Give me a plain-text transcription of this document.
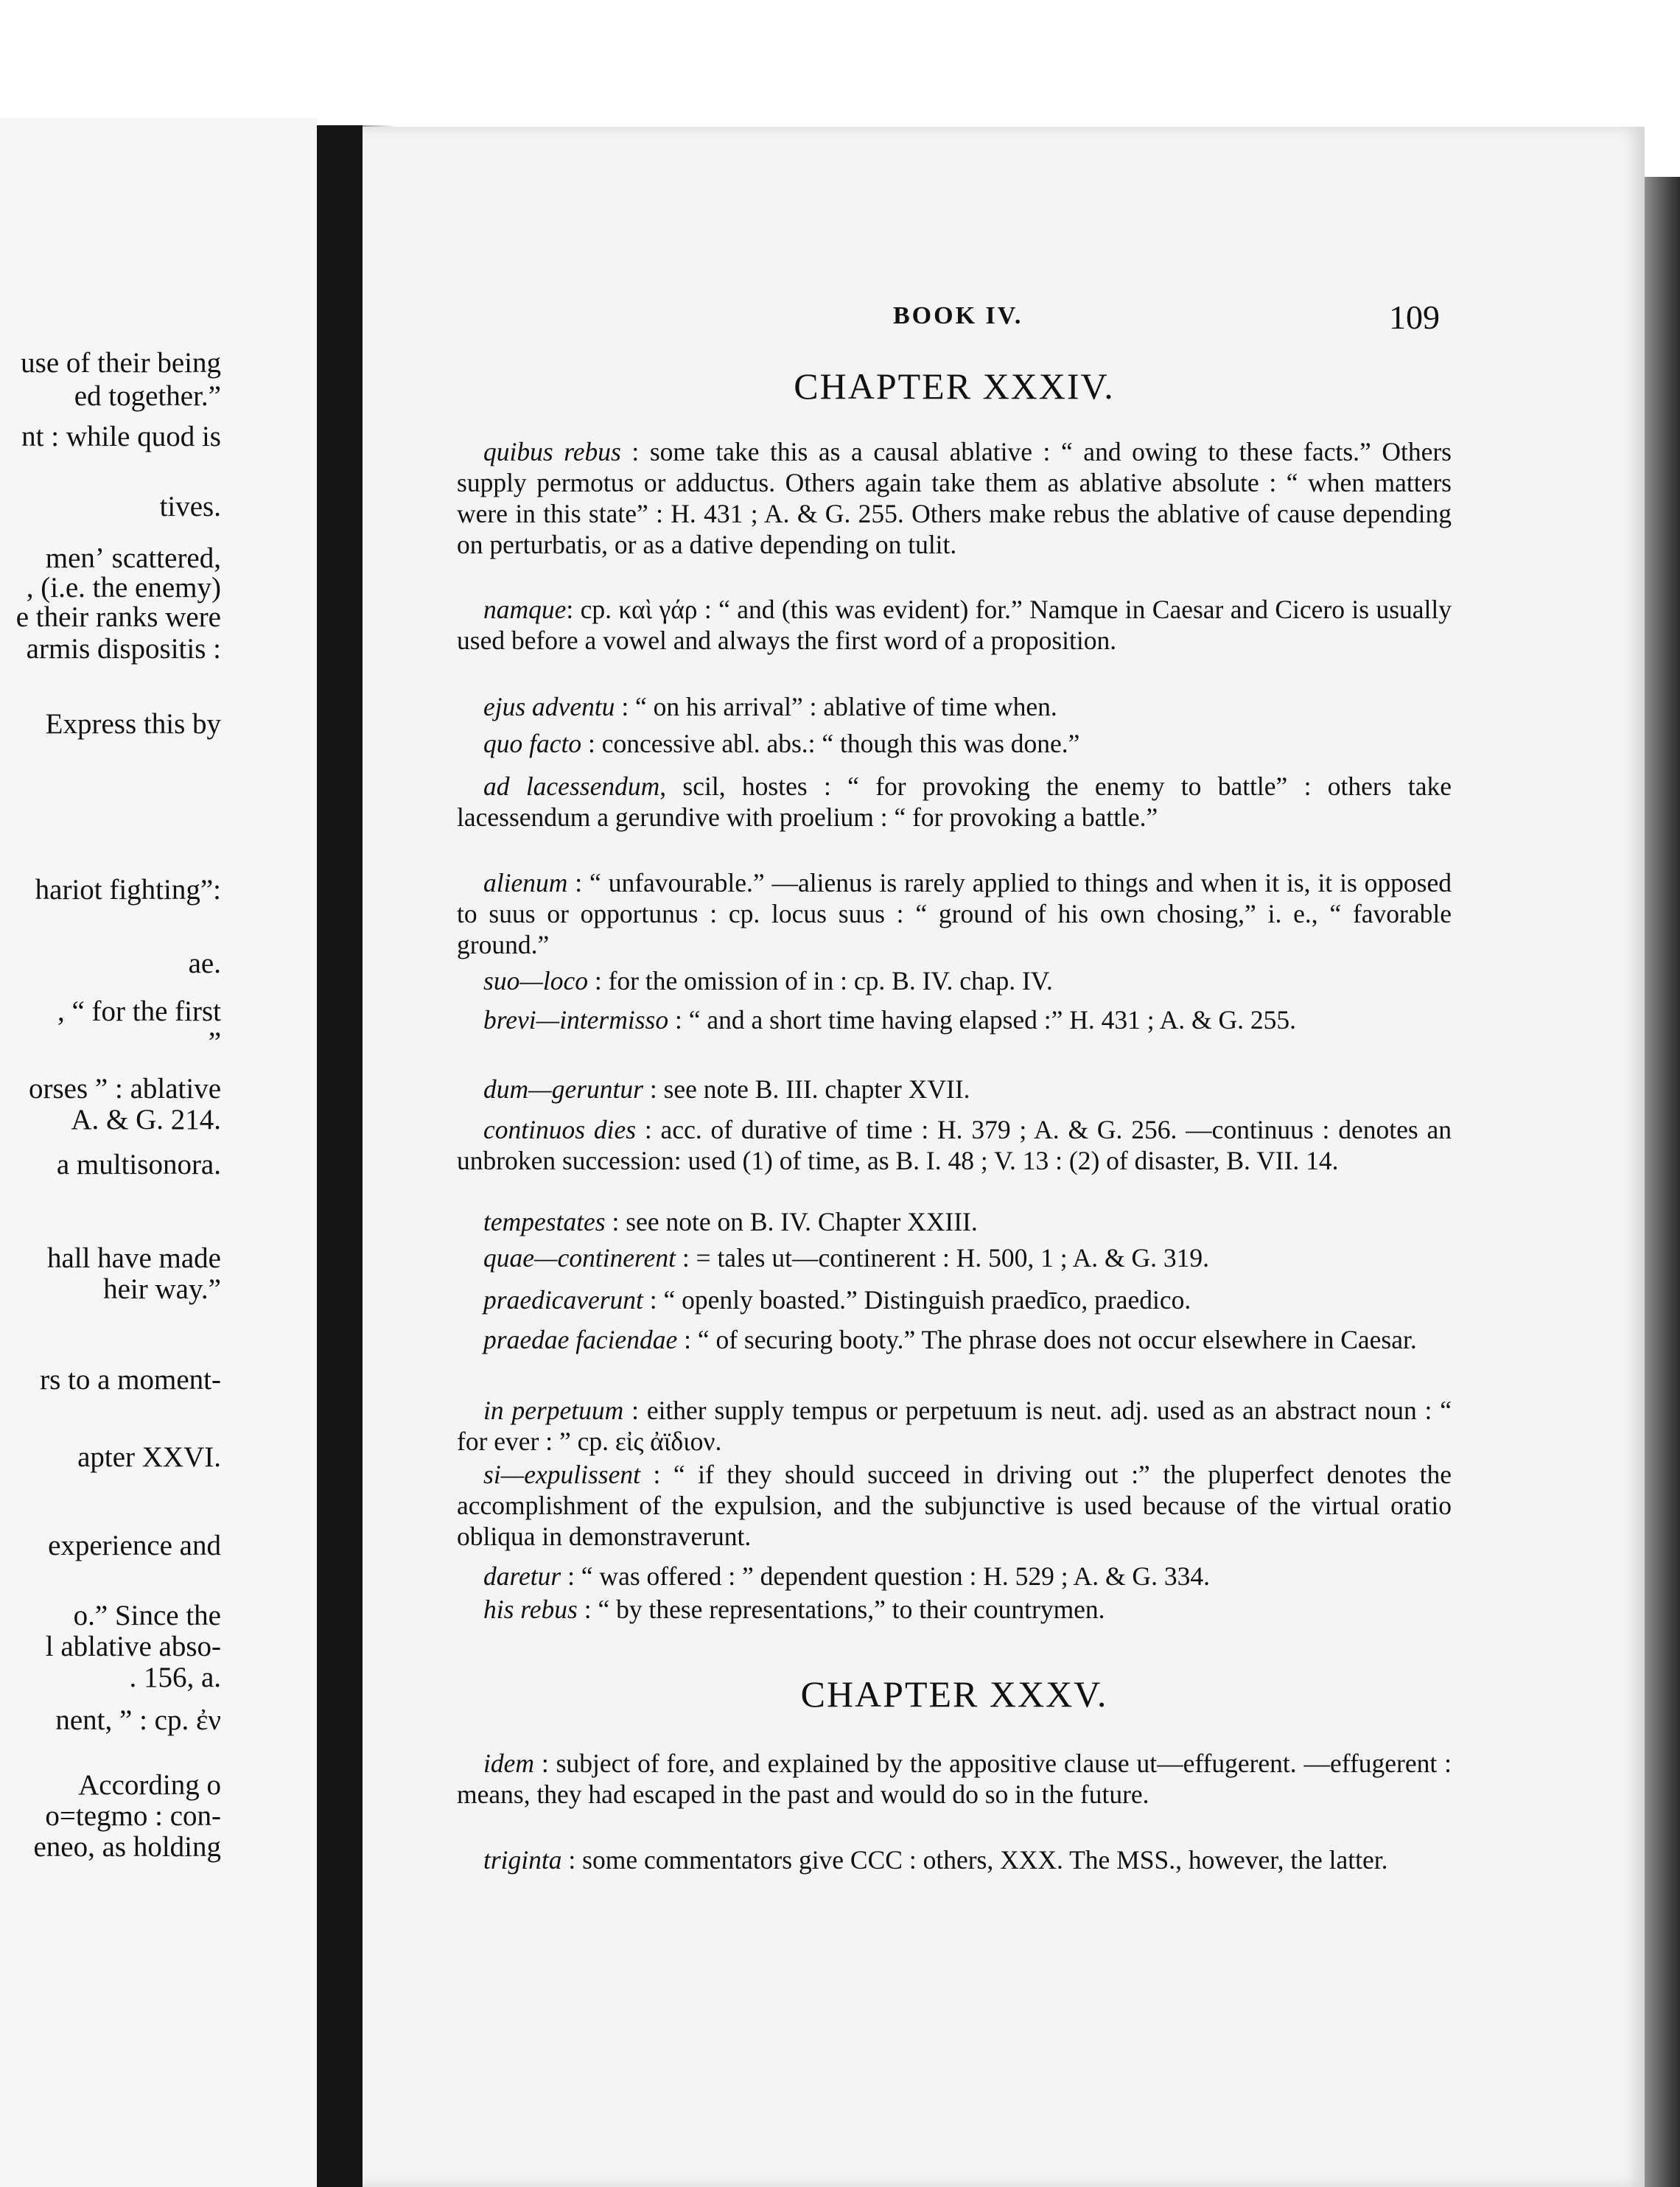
use of their being
ed together.”
nt : while quod is
tives.
menʼ scattered,
, (i.e. the enemy)
e their ranks were
armis dispositis :
Express this by
hariot fighting”:
ae.
, “ for the first
”
orses ” : ablative
A. & G. 214.
a multisonora.
hall have made
heir way.”
rs to a moment-
apter XXVI.
experience and
o.” Since the
l ablative abso-
. 156, a.
nent, ” : cp. ἐν
According o
o=tegmo : con-
eneo, as holding
BOOK IV.	109
CHAPTER XXXIV.

quibus rebus : some take this as a causal ablative : “ and owing to these facts.” Others supply permotus or adductus. Others again take them as ablative absolute : “ when matters were in this state” : H. 431 ; A. & G. 255. Others make rebus the ablative of cause depending on perturbatis, or as a dative depending on tulit.

namque: cp. καὶ γάρ : “ and (this was evident) for.” Namque in Caesar and Cicero is usually used before a vowel and always the first word of a proposition.

ejus adventu : “ on his arrival” : ablative of time when.

quo facto : concessive abl. abs.: “ though this was done.”

ad lacessendum, scil, hostes : “ for provoking the enemy to battle” : others take lacessendum a gerundive with proelium : “ for provoking a battle.”

alienum : “ unfavourable.” —alienus is rarely applied to things and when it is, it is opposed to suus or opportunus : cp. locus suus : “ ground of his own chosing,” i. e., “ favorable ground.”

suo—loco : for the omission of in : cp. B. IV. chap. IV.

brevi—intermisso : “ and a short time having elapsed :” H. 431 ; A. & G. 255.

dum—geruntur : see note B. III. chapter XVII.

continuos dies : acc. of durative of time : H. 379 ; A. & G. 256. —continuus : denotes an unbroken succession: used (1) of time, as B. I. 48 ; V. 13 : (2) of disaster, B. VII. 14.

tempestates : see note on B. IV. Chapter XXIII.

quae—continerent : = tales ut—continerent : H. 500, 1 ; A. & G. 319.

praedicaverunt : “ openly boasted.” Distinguish praedīco, praedico.

praedae faciendae : “ of securing booty.” The phrase does not occur elsewhere in Caesar.

in perpetuum : either supply tempus or perpetuum is neut. adj. used as an abstract noun : “ for ever : ” cp. εἰς ἀϊδιον.

si—expulissent : “ if they should succeed in driving out :” the pluperfect denotes the accomplishment of the expulsion, and the subjunctive is used because of the virtual oratio obliqua in demonstraverunt.

daretur : “ was offered : ” dependent question : H. 529 ; A. & G. 334.

his rebus : “ by these representations,” to their countrymen.

CHAPTER XXXV.

idem : subject of fore, and explained by the appositive clause ut—effugerent. —effugerent : means, they had escaped in the past and would do so in the future.

triginta : some commentators give CCC : others, XXX. The MSS., however, the latter.
